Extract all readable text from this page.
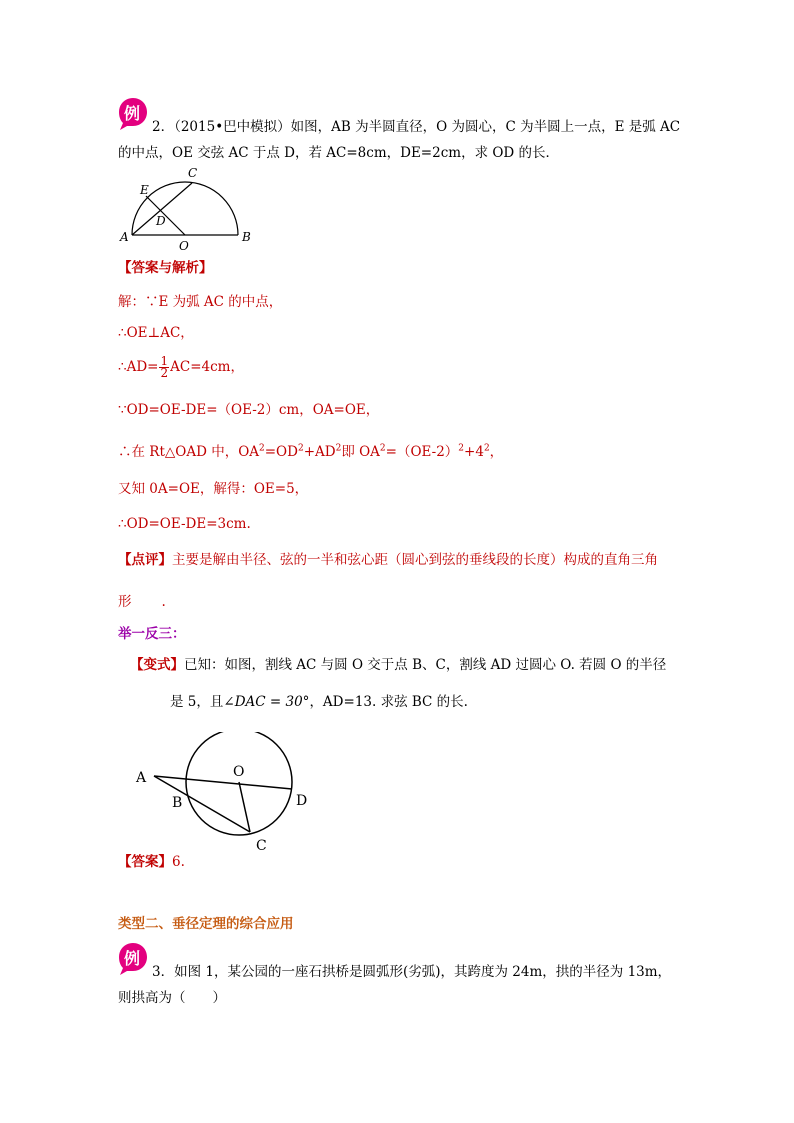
例
2．（2015•巴中模拟）如图，AB 为半圆直径，O 为圆心，C 为半圆上一点，E 是弧 AC
的中点，OE 交弦 AC 于点 D，若 AC=8cm，DE=2cm，求 OD 的长．
A	B
C
E
D
O
【答案与解析】
解：∵E 为弧 AC 的中点，
∴OE⊥AC，
∴AD= $\frac{1}{2} AC=4cm$，
∵OD=OE-DE=（OE-2）cm，OA=OE，
∴在 Rt△OAD 中，$OA^2=OD^2+AD^2$即 $OA^2=(OE-2)^2+4^2$，
又知 0A=OE，解得：OE=5，
∴OD=OE-DE=3cm.
【点评】主要是解由半径、弦的一半和弦心距（圆心到弦的垂线段的长度）构成的直角三角
形 .
举一反三：
【变式】已知：如图，割线 AC 与圆 O 交于点 B、C，割线 AD 过圆心 O. 若圆 O 的半径
是 5，且∠DAC = 30°，AD=13. 求弦 BC 的长.
A
B
C
D
O
【答案】6.
类型二、垂径定理的综合应用
例
3．如图 1，某公园的一座石拱桥是圆弧形(劣弧)，其跨度为 24m，拱的半径为 13m，
则拱高为（　　）
